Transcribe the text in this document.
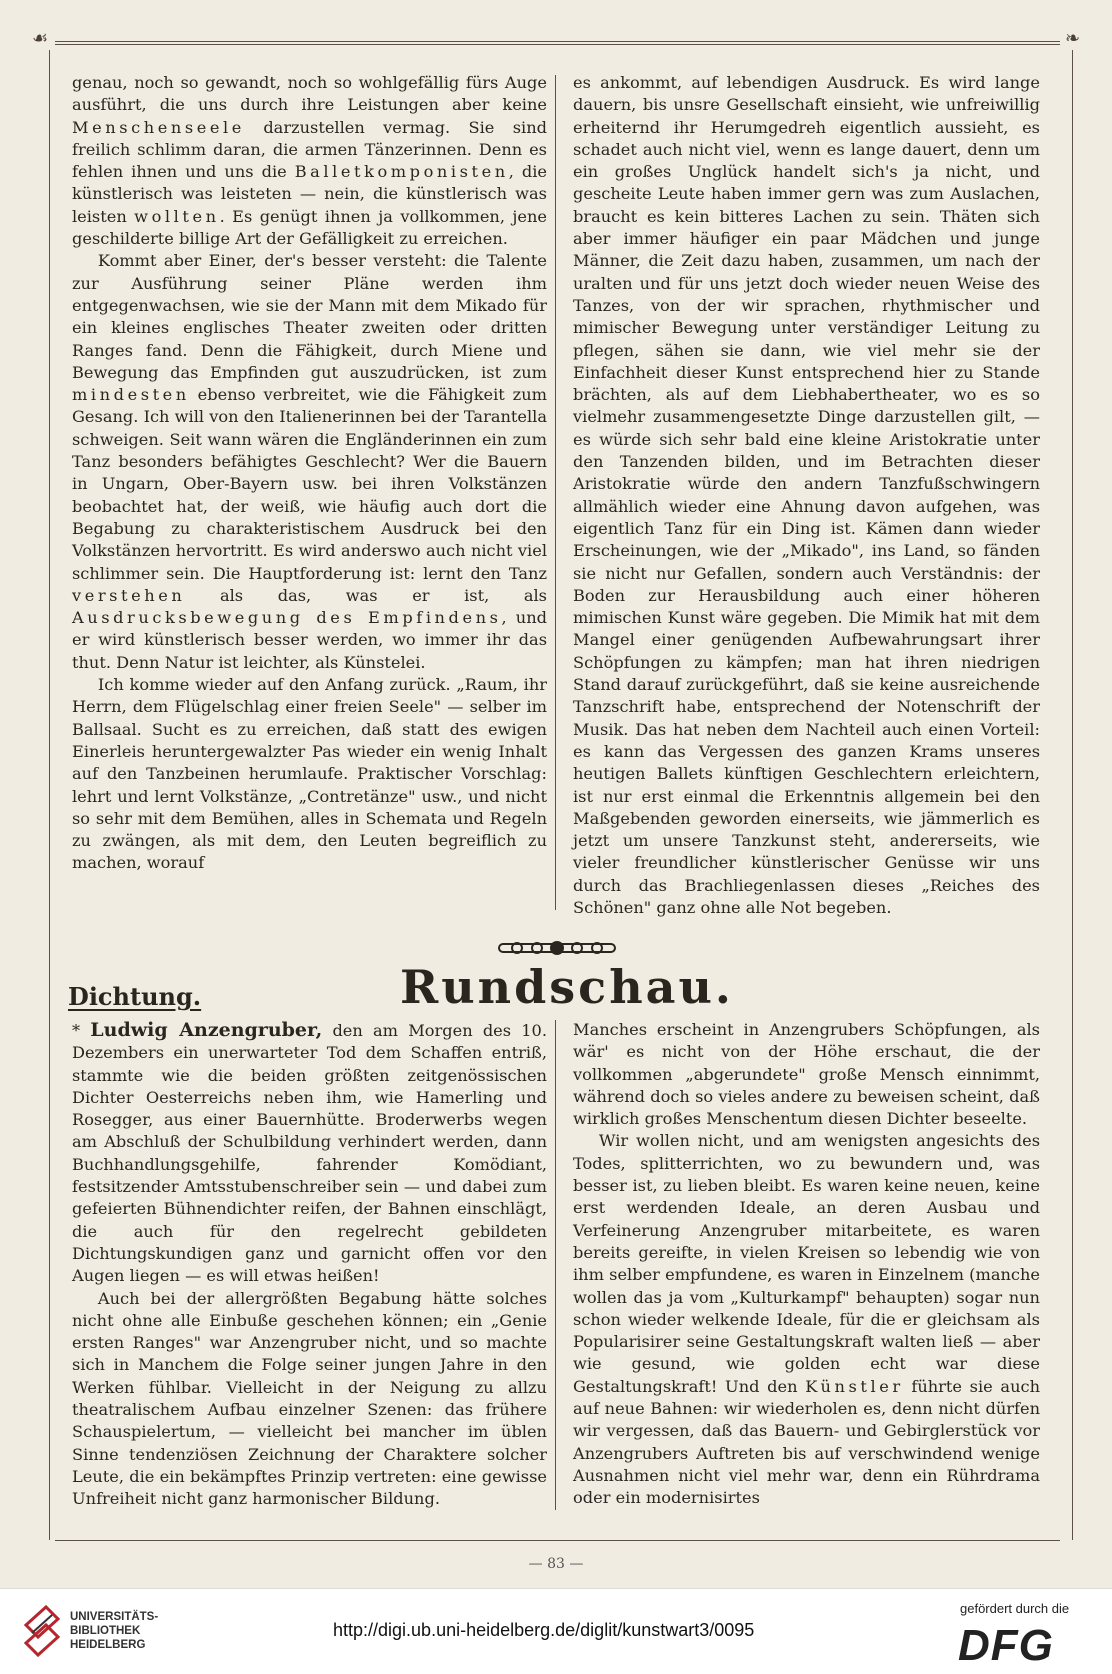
☙	❧

genau, noch so gewandt, noch so wohlgefällig fürs Auge ausführt, die uns durch ihre Leistungen aber keine Menschenseele darzustellen vermag. Sie sind freilich schlimm daran, die armen Tänzerinnen. Denn es fehlen ihnen und uns die Balletkomponisten, die künstlerisch was leisteten — nein, die künstlerisch was leisten wollten. Es genügt ihnen ja vollkommen, jene geschilderte billige Art der Gefälligkeit zu erreichen.

Kommt aber Einer, der's besser versteht: die Talente zur Ausführung seiner Pläne werden ihm entgegenwachsen, wie sie der Mann mit dem Mikado für ein kleines englisches Theater zweiten oder dritten Ranges fand. Denn die Fähigkeit, durch Miene und Bewegung das Empfinden gut auszudrücken, ist zum mindesten ebenso verbreitet, wie die Fähigkeit zum Gesang. Ich will von den Italienerinnen bei der Tarantella schweigen. Seit wann wären die Engländerinnen ein zum Tanz besonders befähigtes Geschlecht? Wer die Bauern in Ungarn, Ober-Bayern usw. bei ihren Volkstänzen beobachtet hat, der weiß, wie häufig auch dort die Begabung zu charakteristischem Ausdruck bei den Volkstänzen hervortritt. Es wird anderswo auch nicht viel schlimmer sein. Die Hauptforderung ist: lernt den Tanz verstehen als das, was er ist, als Ausdrucksbewegung des Empfindens, und er wird künstlerisch besser werden, wo immer ihr das thut. Denn Natur ist leichter, als Künstelei.

Ich komme wieder auf den Anfang zurück. „Raum, ihr Herrn, dem Flügelschlag einer freien Seele" — selber im Ballsaal. Sucht es zu erreichen, daß statt des ewigen Einerleis heruntergewalzter Pas wieder ein wenig Inhalt auf den Tanzbeinen herumlaufe. Praktischer Vorschlag: lehrt und lernt Volkstänze, „Contretänze" usw., und nicht so sehr mit dem Bemühen, alles in Schemata und Regeln zu zwängen, als mit dem, den Leuten begreiflich zu machen, worauf

es ankommt, auf lebendigen Ausdruck. Es wird lange dauern, bis unsre Gesellschaft einsieht, wie unfreiwillig erheiternd ihr Herumgedreh eigentlich aussieht, es schadet auch nicht viel, wenn es lange dauert, denn um ein großes Unglück handelt sich's ja nicht, und gescheite Leute haben immer gern was zum Auslachen, braucht es kein bitteres Lachen zu sein. Thäten sich aber immer häufiger ein paar Mädchen und junge Männer, die Zeit dazu haben, zusammen, um nach der uralten und für uns jetzt doch wieder neuen Weise des Tanzes, von der wir sprachen, rhythmischer und mimischer Bewegung unter verständiger Leitung zu pflegen, sähen sie dann, wie viel mehr sie der Einfachheit dieser Kunst entsprechend hier zu Stande brächten, als auf dem Liebhabertheater, wo es so vielmehr zusammengesetzte Dinge darzustellen gilt, — es würde sich sehr bald eine kleine Aristokratie unter den Tanzenden bilden, und im Betrachten dieser Aristokratie würde den andern Tanzfußschwingern allmählich wieder eine Ahnung davon aufgehen, was eigentlich Tanz für ein Ding ist. Kämen dann wieder Erscheinungen, wie der „Mikado", ins Land, so fänden sie nicht nur Gefallen, sondern auch Verständnis: der Boden zur Herausbildung auch einer höheren mimischen Kunst wäre gegeben. Die Mimik hat mit dem Mangel einer genügenden Aufbewahrungsart ihrer Schöpfungen zu kämpfen; man hat ihren niedrigen Stand darauf zurückgeführt, daß sie keine ausreichende Tanzschrift habe, entsprechend der Notenschrift der Musik. Das hat neben dem Nachteil auch einen Vorteil: es kann das Vergessen des ganzen Krams unseres heutigen Ballets künftigen Geschlechtern erleichtern, ist nur erst einmal die Erkenntnis allgemein bei den Maßgebenden geworden einerseits, wie jämmerlich es jetzt um unsere Tanzkunst steht, andererseits, wie vieler freundlicher künstlerischer Genüsse wir uns durch das Brachliegenlassen dieses „Reiches des Schönen" ganz ohne alle Not begeben.

Dichtung.	Rundschau.

* Ludwig Anzengruber, den am Morgen des 10. Dezembers ein unerwarteter Tod dem Schaffen entriß, stammte wie die beiden größten zeitgenössischen Dichter Oesterreichs neben ihm, wie Hamerling und Rosegger, aus einer Bauernhütte. Broderwerbs wegen am Abschluß der Schulbildung verhindert werden, dann Buchhandlungsgehilfe, fahrender Komödiant, festsitzender Amtsstubenschreiber sein — und dabei zum gefeierten Bühnendichter reifen, der Bahnen einschlägt, die auch für den regelrecht gebildeten Dichtungskundigen ganz und garnicht offen vor den Augen liegen — es will etwas heißen!

Auch bei der allergrößten Begabung hätte solches nicht ohne alle Einbuße geschehen können; ein „Genie ersten Ranges" war Anzengruber nicht, und so machte sich in Manchem die Folge seiner jungen Jahre in den Werken fühlbar. Vielleicht in der Neigung zu allzu theatralischem Aufbau einzelner Szenen: das frühere Schauspielertum, — vielleicht bei mancher im üblen Sinne tendenziösen Zeichnung der Charaktere solcher Leute, die ein bekämpftes Prinzip vertreten: eine gewisse Unfreiheit nicht ganz harmonischer Bildung.

Manches erscheint in Anzengrubers Schöpfungen, als wär' es nicht von der Höhe erschaut, die der vollkommen „abgerundete" große Mensch einnimmt, während doch so vieles andere zu beweisen scheint, daß wirklich großes Menschentum diesen Dichter beseelte.

Wir wollen nicht, und am wenigsten angesichts des Todes, splitterrichten, wo zu bewundern und, was besser ist, zu lieben bleibt. Es waren keine neuen, keine erst werdenden Ideale, an deren Ausbau und Verfeinerung Anzengruber mitarbeitete, es waren bereits gereifte, in vielen Kreisen so lebendig wie von ihm selber empfundene, es waren in Einzelnem (manche wollen das ja vom „Kulturkampf" behaupten) sogar nun schon wieder welkende Ideale, für die er gleichsam als Popularisirer seine Gestaltungskraft walten ließ — aber wie gesund, wie golden echt war diese Gestaltungskraft! Und den Künstler führte sie auch auf neue Bahnen: wir wiederholen es, denn nicht dürfen wir vergessen, daß das Bauern- und Gebirglerstück vor Anzengrubers Auftreten bis auf verschwindend wenige Ausnahmen nicht viel mehr war, denn ein Rührdrama oder ein modernisirtes

— 83 —
UNIVERSITÄTS-
BIBLIOTHEK
HEIDELBERG
http://digi.ub.uni-heidelberg.de/diglit/kunstwart3/0095
gefördert durch die
DFG
